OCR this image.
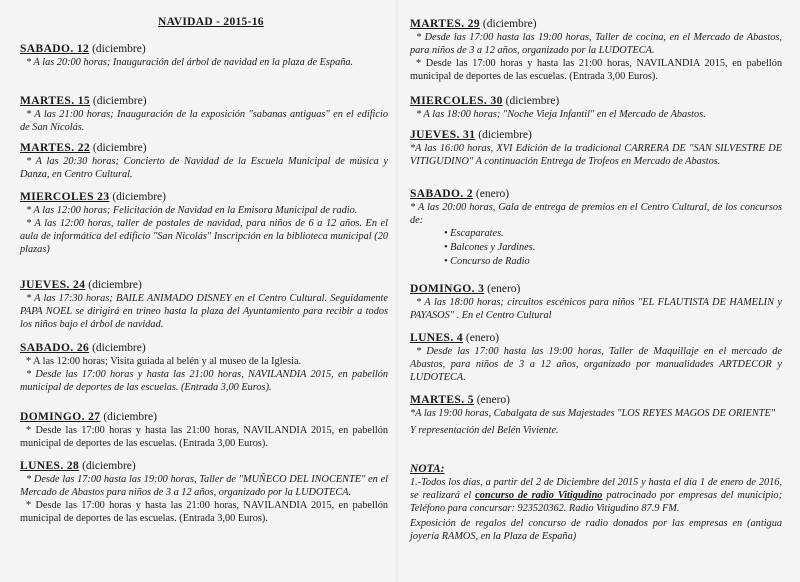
NAVIDAD - 2015-16
SABADO. 12 (diciembre)
* A las 20:00 horas; Inauguración del árbol de navidad en la plaza de España.
MARTES. 15 (diciembre)
* A las 21:00 horas; Inauguración de la exposición "sabanas antiguas" en el edificio de San Nicolás.
MARTES. 22 (diciembre)
* A las 20:30 horas; Concierto de Navidad de la Escuela Municipal de música y Danza, en Centro Cultural.
MIERCOLES 23 (diciembre)
* A las 12:00 horas; Felicitación de Navidad en la Emisora Municipal de radio.
* A las 12:00 horas, taller de postales de navidad, para niños de 6 a 12 años. En el aula de informática del edificio "San Nicolás" Inscripción en la biblioteca municipal (20 plazas)
JUEVES. 24 (diciembre)
* A las 17:30 horas; BAILE ANIMADO DISNEY en el Centro Cultural. Seguidamente PAPA NOEL se dirigirá en trineo hasta la plaza del Ayuntamiento para recibir a todos los niños bajo el árbol de navidad.
SABADO. 26 (diciembre)
* A las 12:00 horas; Visita guiada al belén y al museo de la Iglesia.
* Desde las 17:00 horas y hasta las 21:00 horas, NAVILANDIA 2015, en pabellón municipal de deportes de las escuelas. (Entrada 3,00 Euros).
DOMINGO. 27 (diciembre)
* Desde las 17:00 horas y hasta las 21:00 horas, NAVILANDIA 2015, en pabellón municipal de deportes de las escuelas. (Entrada 3,00 Euros).
LUNES. 28 (diciembre)
* Desde las 17:00 hasta las 19:00 horas, Taller de "MUÑECO DEL INOCENTE" en el Mercado de Abastos para niños de 3 a 12 años, organizado por la LUDOTECA.
* Desde las 17:00 horas y hasta las 21:00 horas, NAVILANDIA 2015, en pabellón municipal de deportes de las escuelas. (Entrada 3,00 Euros).
MARTES. 29 (diciembre)
* Desde las 17:00 hasta las 19:00 horas, Taller de cocina, en el Mercado de Abastos, para niños de 3 a 12 años, organizado por la LUDOTECA.
* Desde las 17:00 horas y hasta las 21:00 horas, NAVILANDIA 2015, en pabellón municipal de deportes de las escuelas. (Entrada 3,00 Euros).
MIERCOLES. 30 (diciembre)
* A las 18:00 horas; "Noche Vieja Infantil" en el Mercado de Abastos.
JUEVES. 31 (diciembre)
*A las 16:00 horas, XVI Edición de la tradicional CARRERA DE "SAN SILVESTRE DE VITIGUDINO" A continuación Entrega de Trofeos en Mercado de Abastos.
SABADO. 2 (enero)
* A las 20:00 horas, Gala de entrega de premios en el Centro Cultural, de los concursos de:
• Escaparates.
• Balcones y Jardines.
• Concurso de Radio
DOMINGO. 3 (enero)
* A las 18:00 horas; circuitos escénicos para niños "EL FLAUTISTA DE HAMELIN y PAYASOS" . En el Centro Cultural
LUNES. 4 (enero)
* Desde las 17:00 hasta las 19:00 horas, Taller de Maquillaje en el mercado de Abastos, para niños de 3 a 12 años, organizado por manualidades ARTDECOR y LUDOTECA.
MARTES. 5 (enero)
*A las 19:00 horas, Cabalgata de sus Majestades "LOS REYES MAGOS DE ORIENTE"
Y representación del Belén Viviente.
NOTA:
1.-Todos los días, a partir del 2 de Diciembre del 2015 y hasta el día 1 de enero de 2016, se realizará el concurso de radio Vitigudino patrocinado por empresas del municipio; Teléfono para concursar: 923520362. Radio Vitigudino 87.9 FM.
Exposición de regalos del concurso de radio donados por las empresas en (antigua joyería RAMOS, en la Plaza de España)
